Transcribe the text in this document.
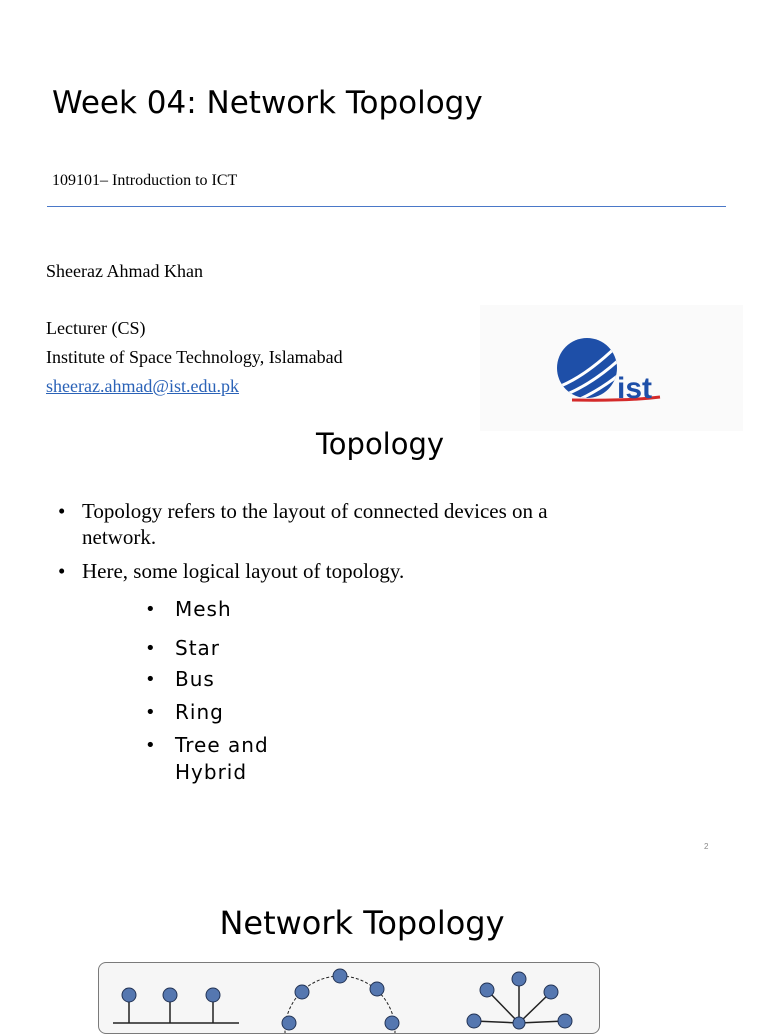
Week 04: Network Topology
109101– Introduction to ICT
Sheeraz Ahmad Khan
Lecturer (CS)
Institute of Space Technology, Islamabad
sheeraz.ahmad@ist.edu.pk	ist
Topology
• Topology refers to the layout of connected devices on a network.
• Here, some logical layout of topology.
• Mesh
• Star
• Bus
• Ring
• Tree and Hybrid
2
Network Topology
